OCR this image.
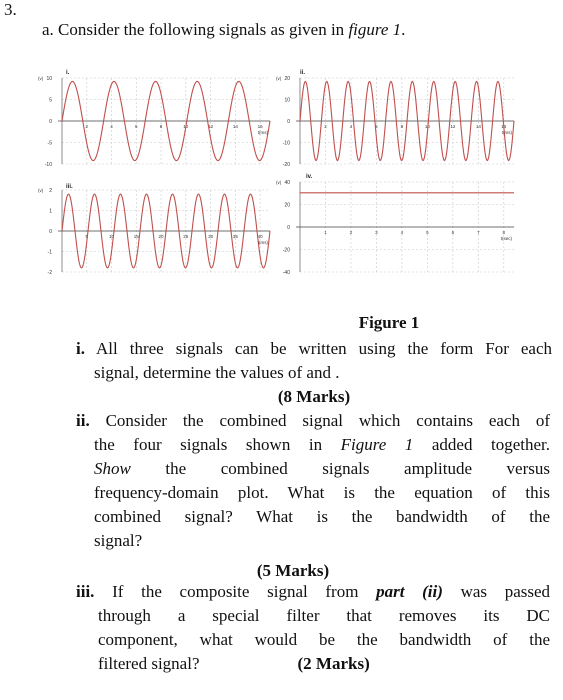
3.
a. Consider the following signals as given in figure 1.
10
5
0
-5
-10
2	4	6	8	10	12	14	16
i.
(v)
t(ms)
20
10
0
-10
-20
2	4	6	8	10	12	14	16
ii.
(v)
t(ms)
2
1
0
-1
-2
5	10	15	20	25	30	35	40
iii.
(v)
t(ms)
40
20
0
-20
-40
1	2	3	4	5	6	7	8
iv.
(v)
t(sec)
Figure 1
i. All three signals can be written using the form For each
signal, determine the values of and .
(8 Marks)
ii. Consider the combined signal which contains each of
the four signals shown in Figure 1 added together.
Show the combined signals amplitude versus
frequency-domain plot. What is the equation of this
combined signal? What is the bandwidth of the
signal?
(5 Marks)
iii. If the composite signal from part (ii) was passed
through a special filter that removes its DC
component, what would be the bandwidth of the
filtered signal?	(2 Marks)
